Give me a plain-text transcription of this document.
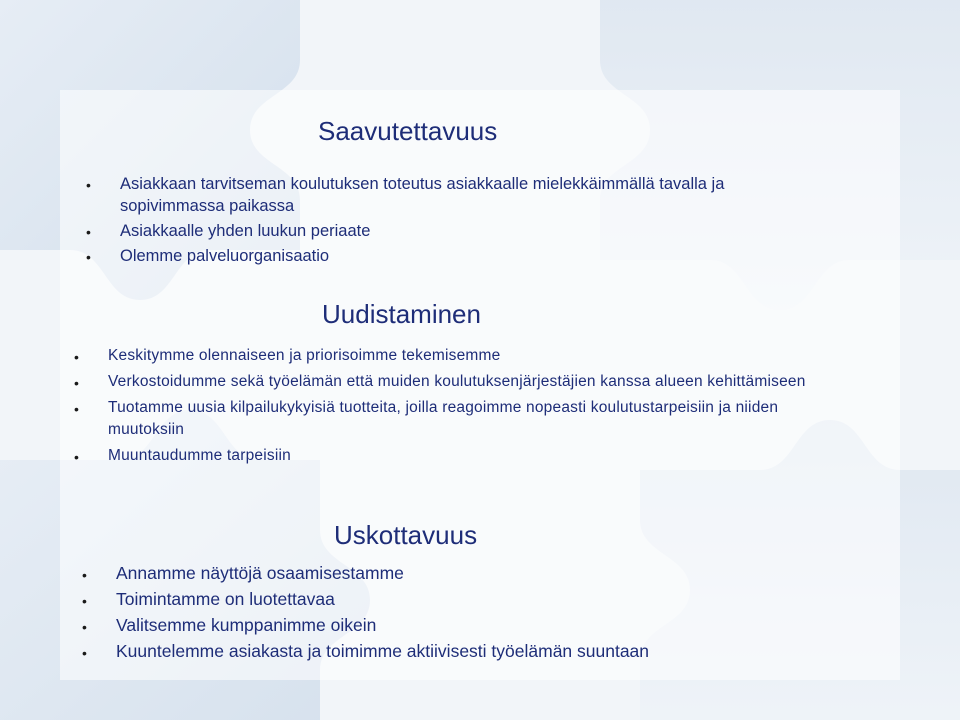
Saavutettavuus
• Asiakkaan tarvitseman koulutuksen toteutus asiakkaalle mielekkäimmällä tavalla ja sopivimmassa paikassa
• Asiakkaalle yhden luukun periaate
• Olemme palveluorganisaatio
Uudistaminen
• Keskitymme olennaiseen ja priorisoimme tekemisemme
• Verkostoidumme sekä työelämän että muiden koulutuksenjärjestäjien kanssa alueen kehittämiseen
• Tuotamme uusia kilpailukykyisiä tuotteita, joilla reagoimme nopeasti koulutustarpeisiin ja niiden muutoksiin
• Muuntaudumme tarpeisiin
Uskottavuus
• Annamme näyttöjä osaamisestamme
• Toimintamme on luotettavaa
• Valitsemme kumppanimme oikein
• Kuuntelemme asiakasta ja toimimme aktiivisesti työelämän suuntaan
